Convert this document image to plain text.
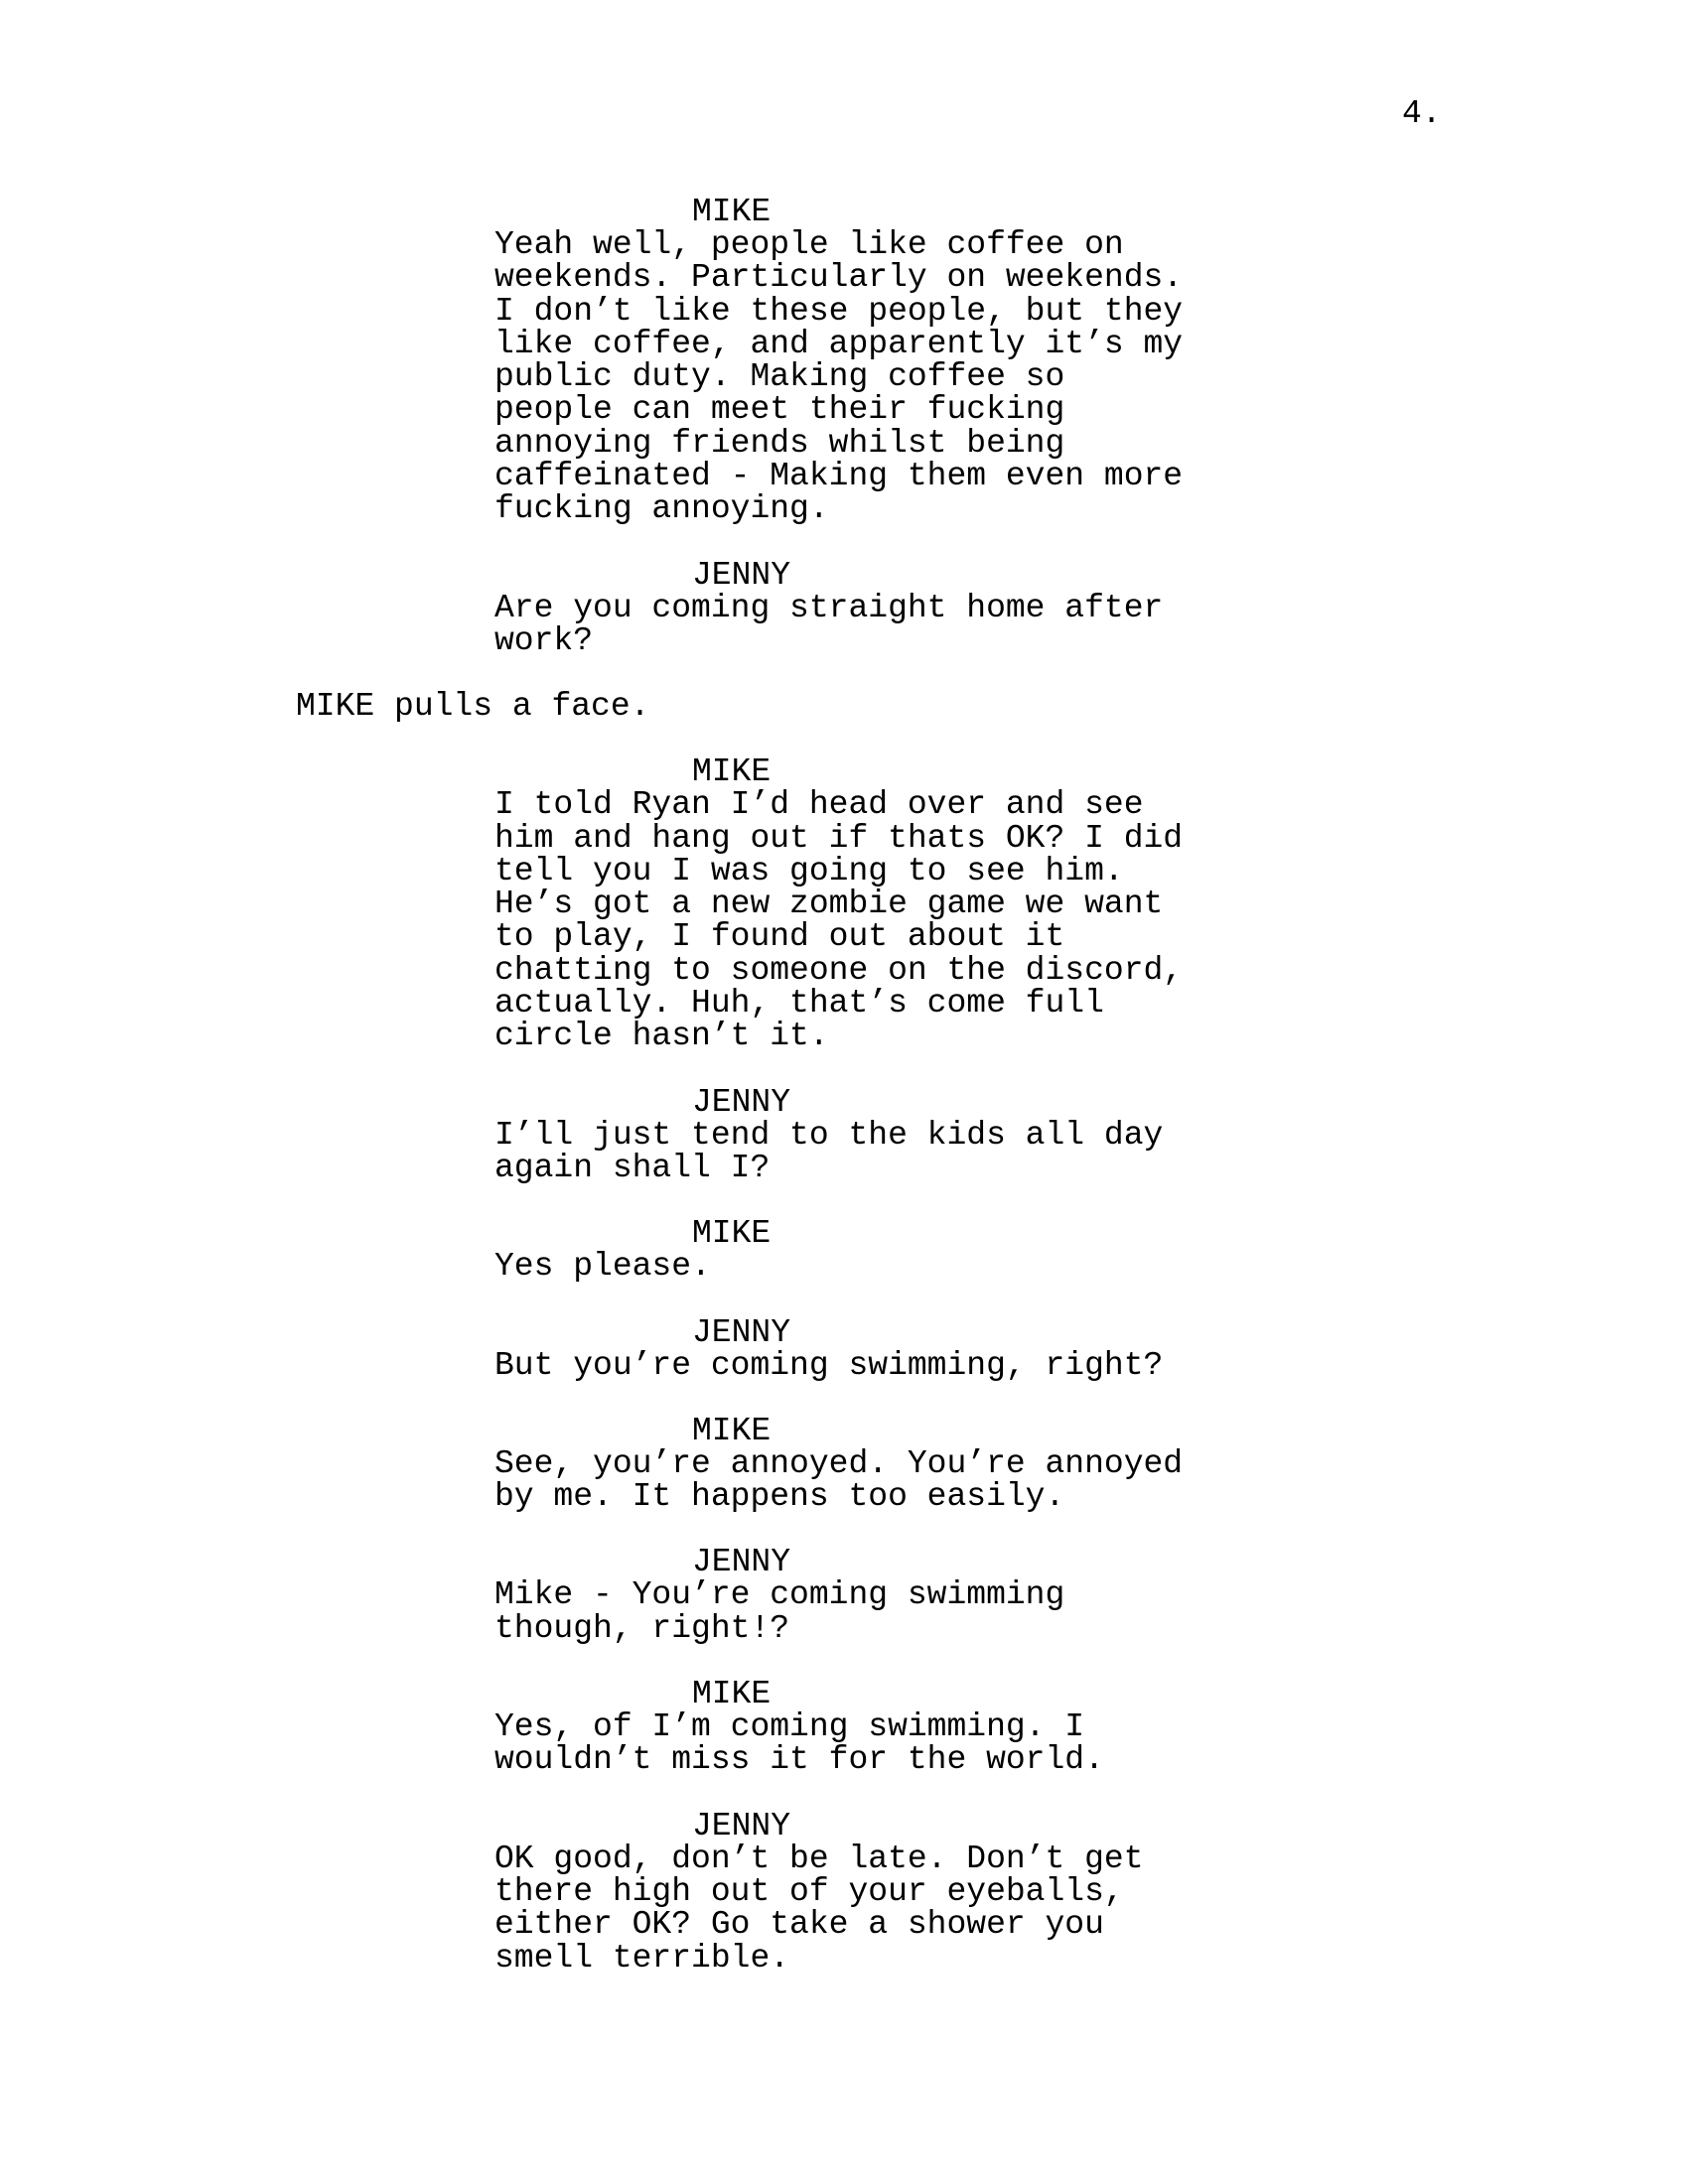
4.
MIKE
Yeah well, people like coffee on
weekends. Particularly on weekends.
I don’t like these people, but they
like coffee, and apparently it’s my
public duty. Making coffee so
people can meet their fucking
annoying friends whilst being
caffeinated - Making them even more
fucking annoying.
JENNY
Are you coming straight home after
work?
MIKE pulls a face.
MIKE
I told Ryan I’d head over and see
him and hang out if thats OK? I did
tell you I was going to see him.
He’s got a new zombie game we want
to play, I found out about it
chatting to someone on the discord,
actually. Huh, that’s come full
circle hasn’t it.
JENNY
I’ll just tend to the kids all day
again shall I?
MIKE
Yes please.
JENNY
But you’re coming swimming, right?
MIKE
See, you’re annoyed. You’re annoyed
by me. It happens too easily.
JENNY
Mike - You’re coming swimming
though, right!?
MIKE
Yes, of I’m coming swimming. I
wouldn’t miss it for the world.
JENNY
OK good, don’t be late. Don’t get
there high out of your eyeballs,
either OK? Go take a shower you
smell terrible.
